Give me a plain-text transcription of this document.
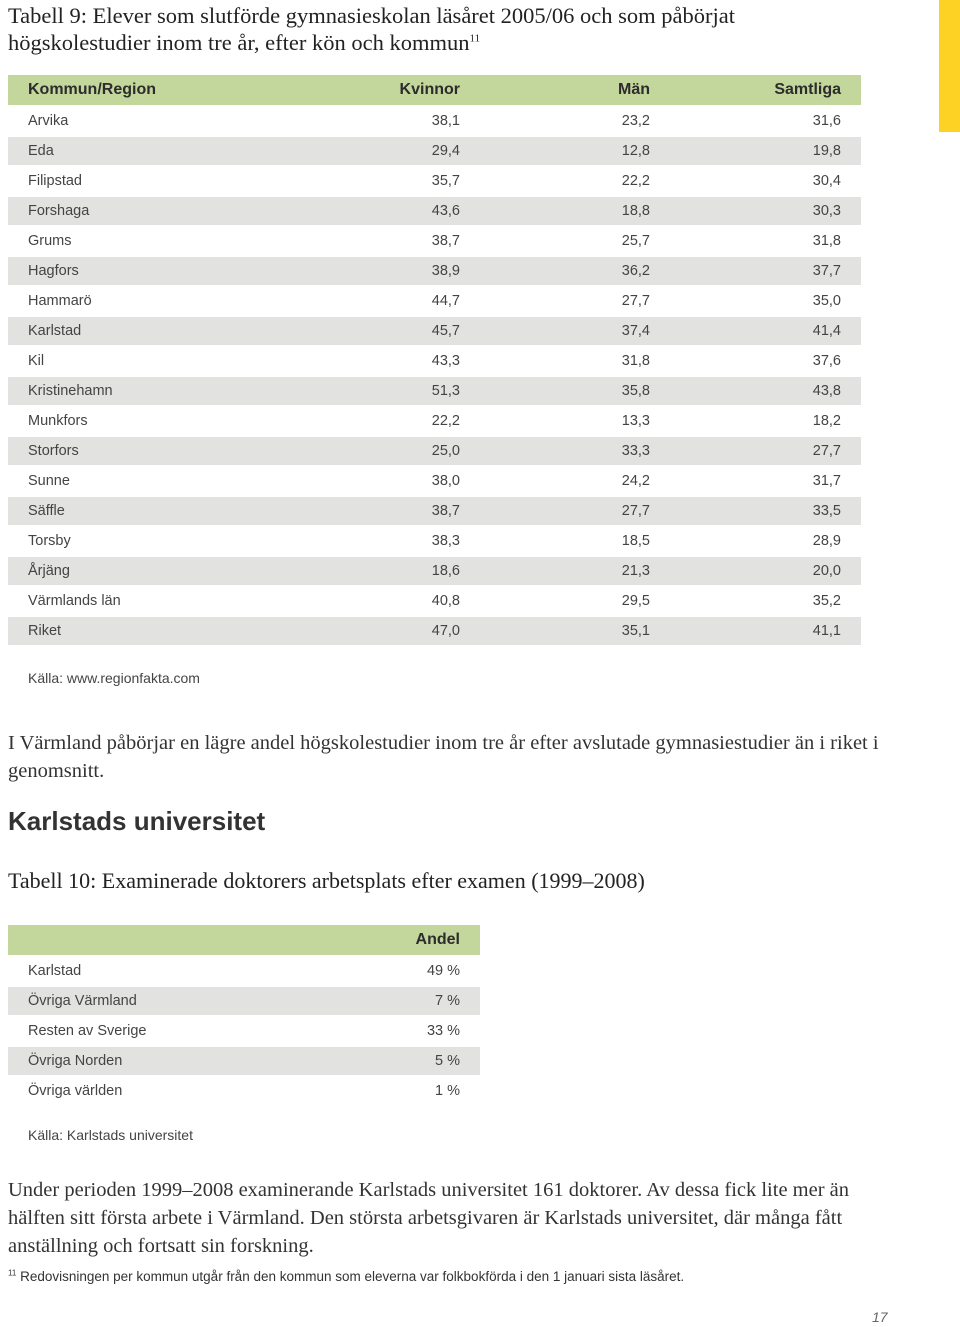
Tabell 9: Elever som slutförde gymnasieskolan läsåret 2005/06 och som påbörjat högskolestudier inom tre år, efter kön och kommun$^{11}$
Kommun/Region	Kvinnor	Män	Samtliga
Arvika	38,1	23,2	31,6
Eda	29,4	12,8	19,8
Filipstad	35,7	22,2	30,4
Forshaga	43,6	18,8	30,3
Grums	38,7	25,7	31,8
Hagfors	38,9	36,2	37,7
Hammarö	44,7	27,7	35,0
Karlstad	45,7	37,4	41,4
Kil	43,3	31,8	37,6
Kristinehamn	51,3	35,8	43,8
Munkfors	22,2	13,3	18,2
Storfors	25,0	33,3	27,7
Sunne	38,0	24,2	31,7
Säffle	38,7	27,7	33,5
Torsby	38,3	18,5	28,9
Årjäng	18,6	21,3	20,0
Värmlands län	40,8	29,5	35,2
Riket	47,0	35,1	41,1
Källa: www.regionfakta.com

I Värmland påbörjar en lägre andel högskolestudier inom tre år efter avslutade gymnasiestudier än i riket i genomsnitt.

Karlstads universitet
Tabell 10: Examinerade doktorers arbetsplats efter examen (1999–2008)
Andel
Karlstad	49 %
Övriga Värmland	7 %
Resten av Sverige	33 %
Övriga Norden	5 %
Övriga världen	1 %
Källa: Karlstads universitet

Under perioden 1999–2008 examinerande Karlstads universitet 161 doktorer. Av dessa fick lite mer än hälften sitt första arbete i Värmland. Den största arbetsgivaren är Karlstads universitet, där många fått anställning och fortsatt sin forskning.

$^{11}$ Redovisningen per kommun utgår från den kommun som eleverna var folkbokförda i den 1 januari sista läsåret.

17
